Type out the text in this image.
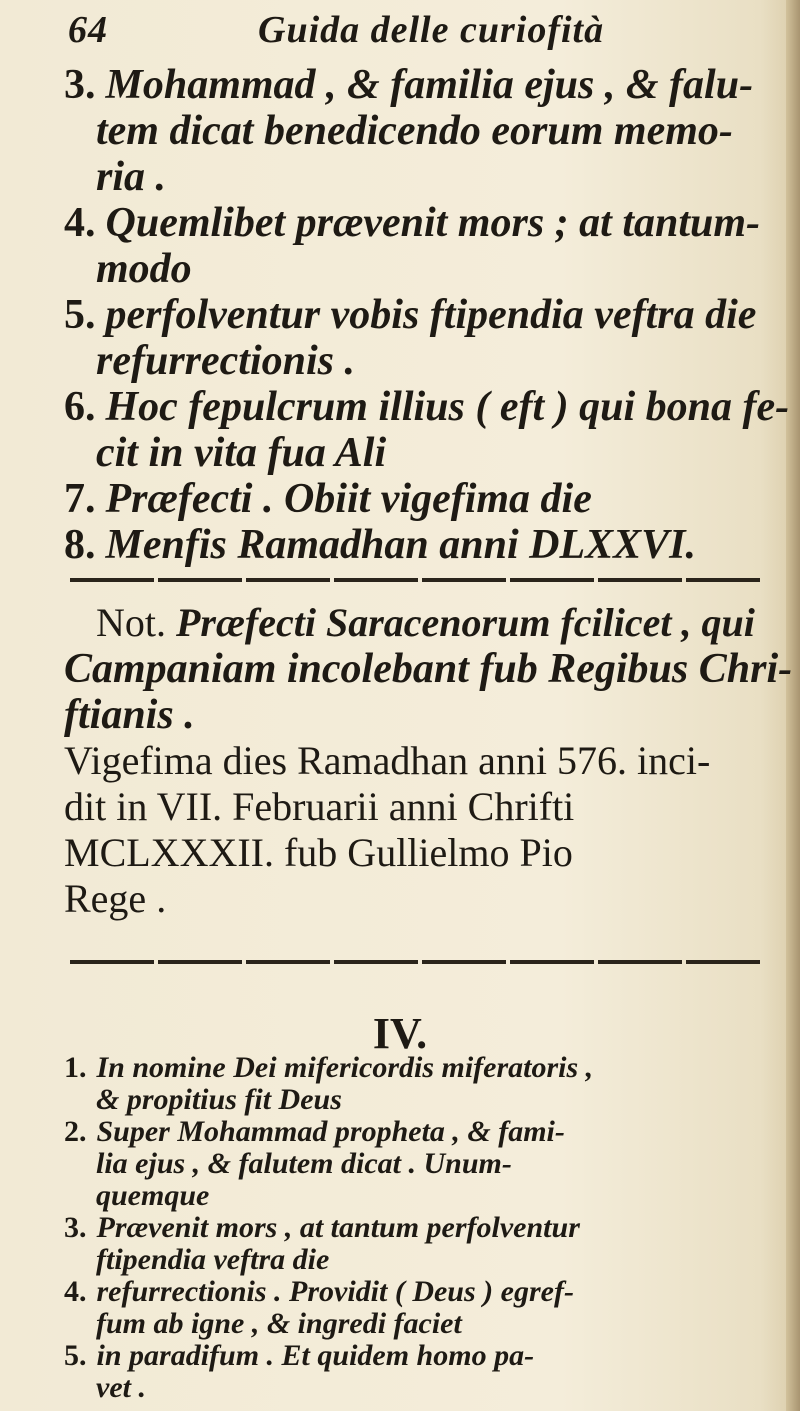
64	Guida delle curiofità
3. Mohammad , & familia ejus , & falu-
tem dicat benedicendo eorum memo-
ria .
4. Quemlibet prævenit mors ; at tantum-
modo
5. perfolventur vobis ftipendia veftra die
refurrectionis .
6. Hoc fepulcrum illius ( eft ) qui bona fe-
cit in vita fua Ali
7. Præfecti . Obiit vigefima die
8. Menfis Ramadhan anni DLXXVI.
Not. Præfecti Saracenorum fcilicet , qui
Campaniam incolebant fub Regibus Chri-
ftianis .
Vigefima dies Ramadhan anni 576. inci-
dit in VII. Februarii anni Chrifti
MCLXXXII. fub Gullielmo Pio
Rege .
IV.
1. In nomine Dei mifericordis miferatoris ,
& propitius fit Deus
2. Super Mohammad propheta , & fami-
lia ejus , & falutem dicat . Unum-
quemque
3. Prævenit mors , at tantum perfolventur
ftipendia veftra die
4. refurrectionis . Providit ( Deus ) egref-
fum ab igne , & ingredi faciet
5. in paradifum . Et quidem homo pa-
vet .
